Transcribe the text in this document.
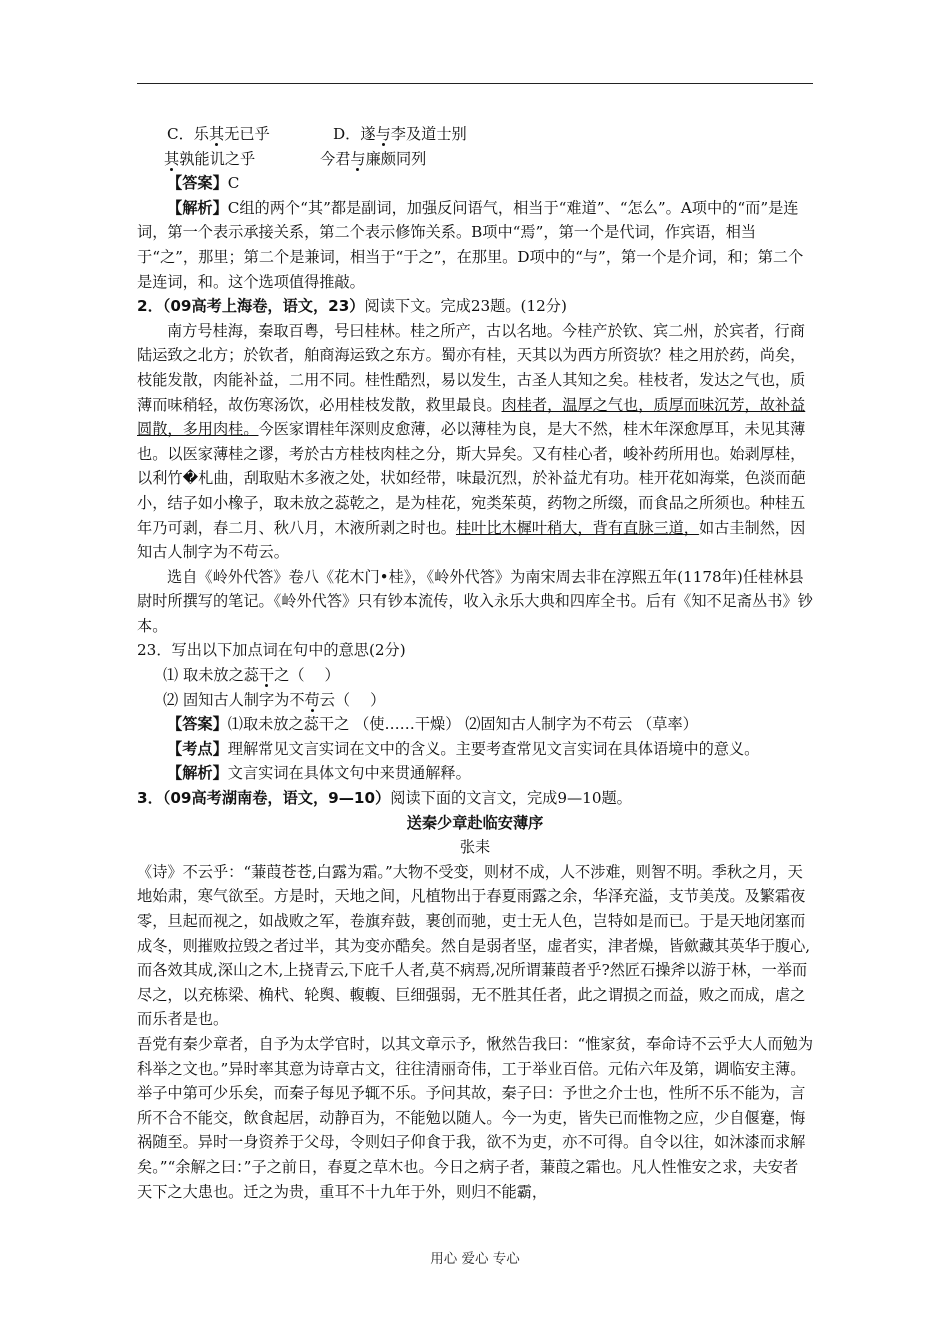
C．乐其无已乎	D．遂与李及道士别
其孰能讥之乎	今君与廉颇同列

【答案】C

【解析】C组的两个“其”都是副词，加强反问语气，相当于“难道”、“怎么”。A项中的“而”是连词，第一个表示承接关系，第二个表示修饰关系。B项中“焉”，第一个是代词，作宾语，相当于“之”，那里；第二个是兼词，相当于“于之”，在那里。D项中的“与”，第一个是介词，和；第二个是连词，和。这个选项值得推敲。

2．（09高考上海卷，语文，23）阅读下文。完成23题。(12分)

南方号桂海，秦取百粤，号曰桂林。桂之所产，古以名地。今桂产於钦、宾二州，於宾者，行商陆运致之北方；於钦者，舶商海运致之东方。蜀亦有桂，天其以为西方所资欤？桂之用於药，尚矣，枝能发散，肉能补益，二用不同。桂性酷烈，易以发生，古圣人其知之矣。桂枝者，发达之气也，质薄而味稍轻，故伤寒汤饮，必用桂枝发散，救里最良。肉桂者，温厚之气也，质厚而味沉芳，故补益圆散，多用肉桂。今医家谓桂年深则皮愈薄，必以薄桂为良，是大不然，桂木年深愈厚耳，未见其薄也。以医家薄桂之谬，考於古方桂枝肉桂之分，斯大异矣。又有桂心者，峻补药所用也。始剥厚桂，以利竹�札曲，刮取贴木多液之处，状如经带，味最沉烈，於补益尤有功。桂开花如海棠，色淡而葩小，结子如小橡子，取未放之蕊乾之，是为桂花，宛类茱萸，药物之所缀，而食品之所须也。种桂五年乃可剥，春二月、秋八月，木液所剥之时也。桂叶比木樨叶稍大，背有直脉三道，如古圭制然，因知古人制字为不苟云。

选自《岭外代答》卷八《花木门•桂》，《岭外代答》为南宋周去非在淳熙五年(1178年)任桂林县尉时所撰写的笔记。《岭外代答》只有钞本流传，收入永乐大典和四库全书。后有《知不足斋丛书》钞本。

23．写出以下加点词在句中的意思(2分)

⑴ 取未放之蕊干之（　 ）

⑵ 固知古人制字为不苟云（　 ）

【答案】⑴取未放之蕊干之 （使……干燥） ⑵固知古人制字为不苟云 （草率）

【考点】理解常见文言实词在文中的含义。主要考查常见文言实词在具体语境中的意义。

【解析】文言实词在具体文句中来贯通解释。

3．（09高考湖南卷，语文，9—10）阅读下面的文言文，完成9—10题。

送秦少章赴临安薄序

张耒

《诗》不云乎：“蒹葭苍苍,白露为霜。”大物不受变，则材不成，人不涉难，则智不明。季秋之月，天地始肃，寒气欲至。方是时，天地之间，凡植物出于春夏雨露之余，华泽充溢，支节美茂。及繁霜夜零，旦起而视之，如战败之军，卷旗弃鼓，裹创而驰，吏士无人色，岂特如是而已。于是天地闭塞而成冬，则摧败拉毁之者过半，其为变亦酷矣。然自是弱者坚，虚者实，津者燥，皆歛藏其英华于腹心,而各效其成,深山之木,上挠青云,下庇千人者,莫不病焉,况所谓蒹葭者乎?然匠石操斧以游于林，一举而尽之，以充栋梁、桷杙、轮舆、輹輹、巨细强弱，无不胜其任者，此之谓损之而益，败之而成，虐之而乐者是也。

吾党有秦少章者，自予为太学官时，以其文章示予，愀然告我曰：“惟家贫，奉命诗不云乎大人而勉为科举之文也。”异时率其意为诗章古文，往往清丽奇伟，工于举业百倍。元佑六年及第，调临安主薄。举子中第可少乐矣，而秦子每见予辄不乐。予问其故，秦子曰：予世之介士也，性所不乐不能为，言所不合不能交，飲食起居，动静百为，不能勉以随人。今一为吏，皆失已而惟物之应，少自偃蹇，悔祸随至。异时一身资养于父母，令则妇子仰食于我，欲不为吏，亦不可得。自令以往，如沐漆而求解矣。”“余解之曰：”子之前日，春夏之草木也。今日之病子者，蒹葭之霜也。凡人性惟安之求，夫安者天下之大患也。迁之为贵，重耳不十九年于外，则归不能霸，

用心 爱心 专心
